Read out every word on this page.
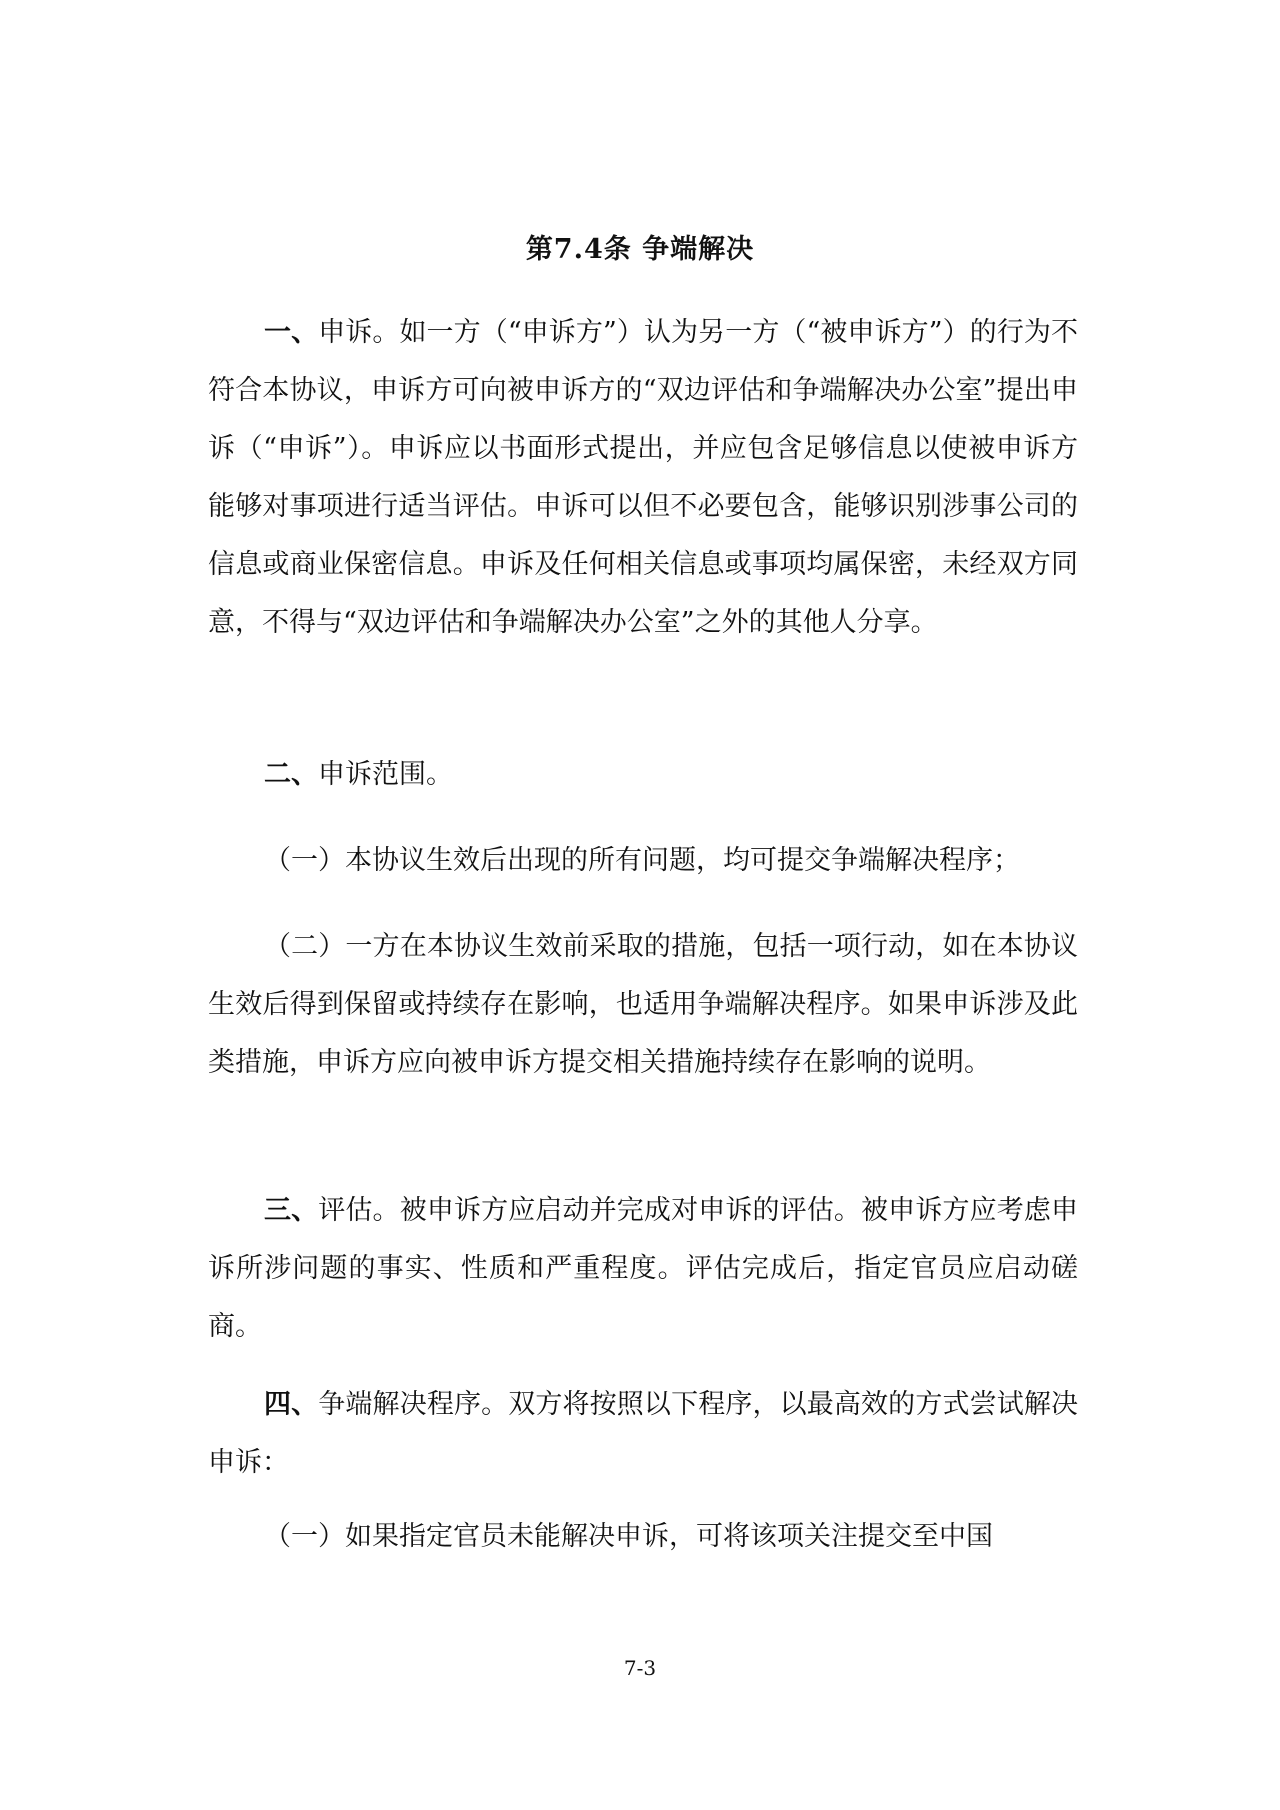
第7.4条 争端解决
一、申诉。如一方（“申诉方”）认为另一方（“被申诉方”）的行为不符合本协议，申诉方可向被申诉方的“双边评估和争端解决办公室”提出申诉（“申诉”）。申诉应以书面形式提出，并应包含足够信息以使被申诉方能够对事项进行适当评估。申诉可以但不必要包含，能够识别涉事公司的信息或商业保密信息。申诉及任何相关信息或事项均属保密，未经双方同意，不得与“双边评估和争端解决办公室”之外的其他人分享。
二、申诉范围。
（一）本协议生效后出现的所有问题，均可提交争端解决程序；
（二）一方在本协议生效前采取的措施，包括一项行动，如在本协议生效后得到保留或持续存在影响，也适用争端解决程序。如果申诉涉及此类措施，申诉方应向被申诉方提交相关措施持续存在影响的说明。
三、评估。被申诉方应启动并完成对申诉的评估。被申诉方应考虑申诉所涉问题的事实、性质和严重程度。评估完成后，指定官员应启动磋商。
四、争端解决程序。双方将按照以下程序，以最高效的方式尝试解决申诉：
（一）如果指定官员未能解决申诉，可将该项关注提交至中国
7-3
